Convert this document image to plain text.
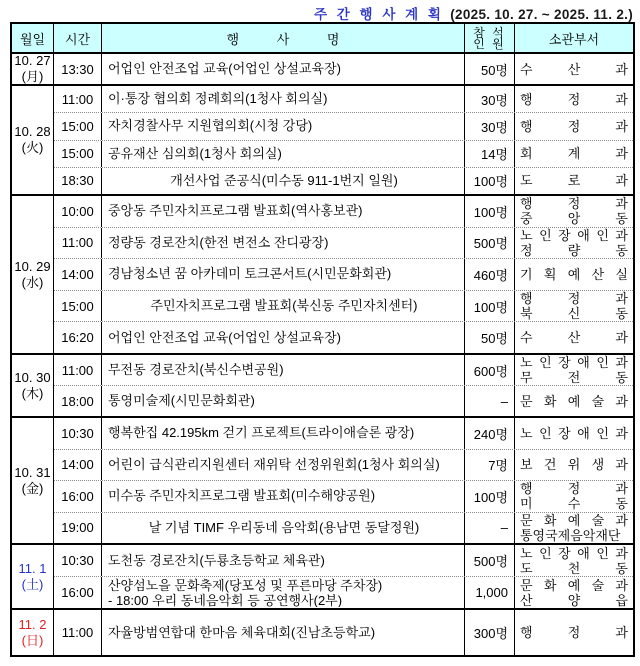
주 간 행 사 계 획 (2025. 10. 27. ~ 2025. 11. 2.)
월일	시간	행 사 명	참 석
인 원	소관부서
10. 27
(月)	13:30	어업인 안전조업 교육(어업인 상설교육장)	50명 수 산 과
10. 28
(火)
11:00	이·통장 협의회 정례회의(1청사 회의실)	30명 행 정 과
15:00	자치경찰사무 지원협의회(시청 강당)	30명 행 정 과
15:00	공유재산 심의회(1청사 회의실)	14명 회 계 과
18:30	개선사업 준공식(미수동 911-1번지 일원)	100명 도 로 과
10. 29
(水)
10:00	중앙동 주민자치프로그램 발표회(역사홍보관)	100명
행 정 과
중 앙 동
11:00	정량동 경로잔치(한전 변전소 잔디광장)	500명
노 인 장 애 인 과
정 량 동
14:00	경남청소년 꿈 아카데미 토크콘서트(시민문화회관)	460명 기 획 예 산 실
15:00	주민자치프로그램 발표회(북신동 주민자치센터)	100명
행 정 과
북 신 동
16:20	어업인 안전조업 교육(어업인 상설교육장)	50명 수 산 과
10. 30
(木)
11:00	무전동 경로잔치(북신수변공원)	600명
노 인 장 애 인 과
무 전 동
18:00	통영미술제(시민문화회관)	– 문 화 예 술 과
10. 31
(金)
10:30	행복한집 42.195km 걷기 프로젝트(트라이애슬론 광장)	240명 노 인 장 애 인 과
14:00	어린이 급식관리지원센터 재위탁 선정위원회(1청사 회의실)	7명 보 건 위 생 과
16:00	미수동 주민자치프로그램 발표회(미수해양공원)	100명
행 정 과
미 수 동
19:00	날 기념 TIMF 우리동네 음악회(용남면 동달정원)	– 문 화 예 술 과
통영국제음악재단
11. 1
(土)
10:30	도천동 경로잔치(두룡초등학교 체육관)	500명
노 인 장 애 인 과
도 천 동
16:00	산양섬노을 문화축제(당포성 및 푸른마당 주차장)
- 18:00 우리 동네음악회 등 공연행사(2부)	1,000 문 화 예 술 과
산 양 읍
11. 2
(日)	11:00	자율방범연합대 한마음 체육대회(진남초등학교)	300명 행 정 과
